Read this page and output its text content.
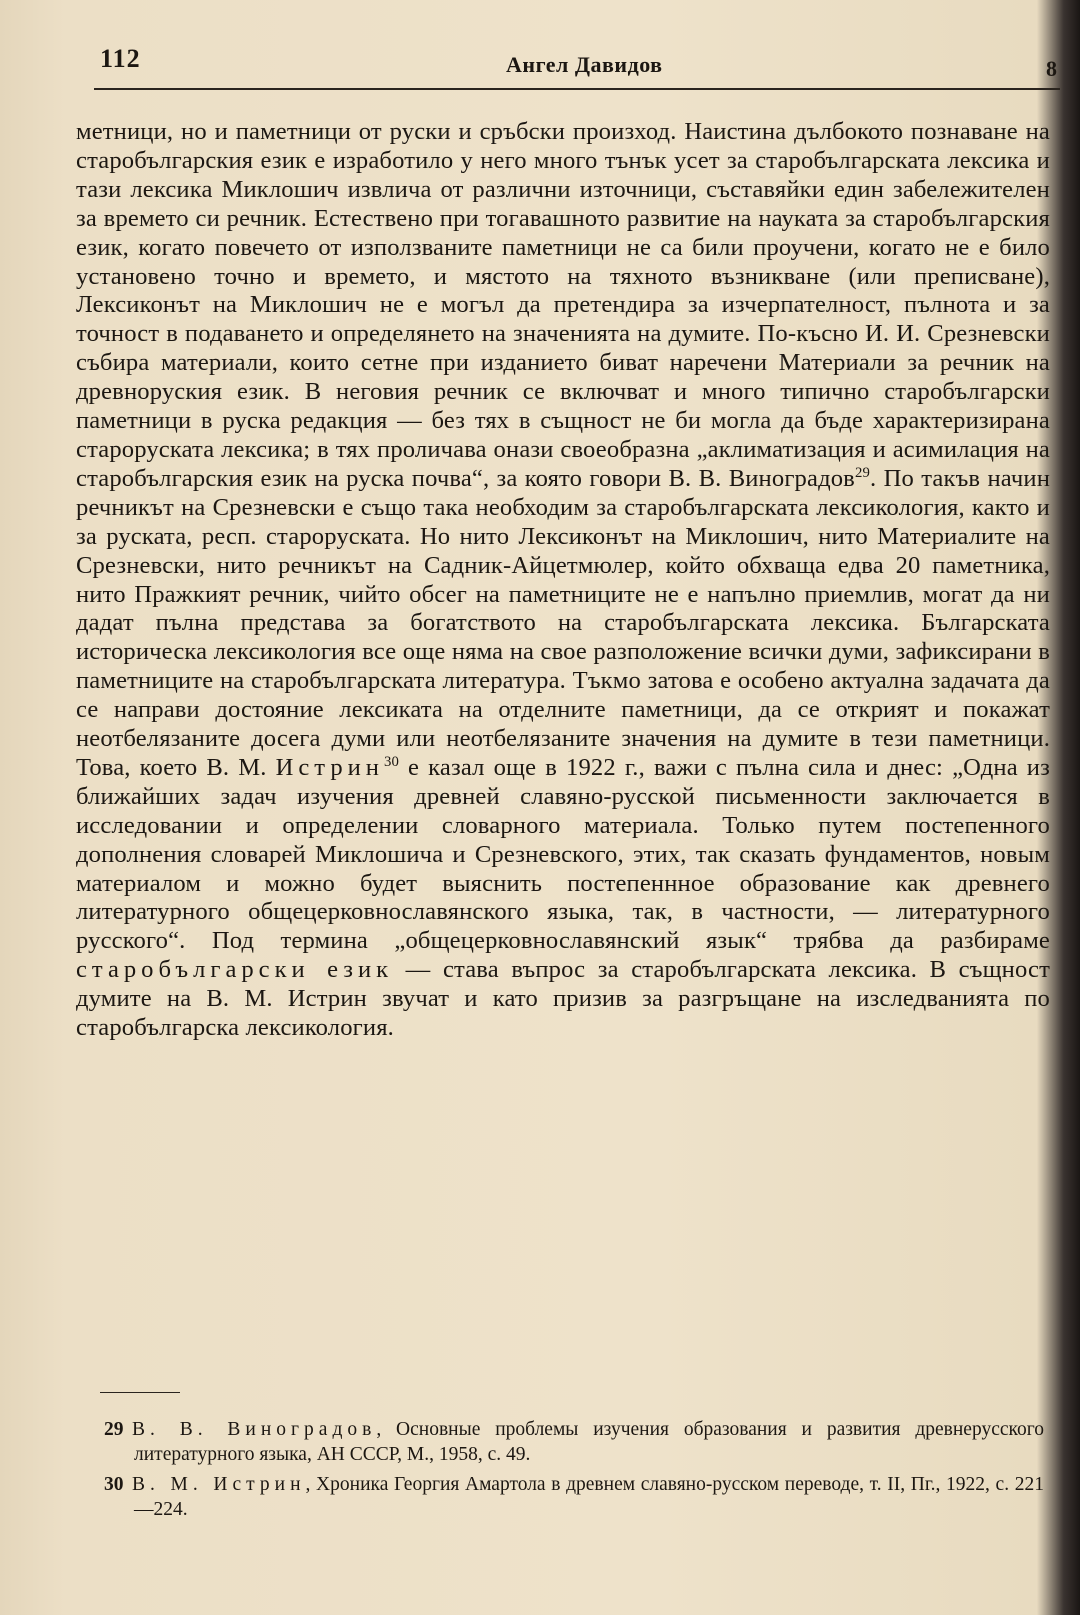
112	Ангел Давидов	8

метници, но и паметници от руски и сръбски произход. Наистина дълбокото познаване на старобългарския език е изработило у него много тънък усет за старобългарската лексика и тази лексика Миклошич извлича от различни източници, съставяйки един забележителен за времето си речник. Естествено при тогавашното развитие на науката за старобългарския език, когато повечето от използваните паметници не са били проучени, когато не е било установено точно и времето, и мястото на тяхното възникване (или преписване), Лексиконът на Миклошич не е могъл да претендира за изчерпателност, пълнота и за точност в подаването и определянето на значенията на думите. По-късно И. И. Срезневски събира материали, които сетне при изданието биват наречени Материали за речник на древноруския език. В неговия речник се включват и много типично старобългарски паметници в руска редакция — без тях в същност не би могла да бъде характеризирана староруската лексика; в тях проличава онази своеобразна „аклиматизация и асимилация на старобългарския език на руска почва“, за която говори В. В. Виноградов$^{29}$. По такъв начин речникът на Срезневски е също така необходим за старобългарската лексикология, както и за руската, респ. староруската. Но нито Лексиконът на Миклошич, нито Материалите на Срезневски, нито речникът на Садник-Айцетмюлер, който обхваща едва 20 паметника, нито Пражкият речник, чийто обсег на паметниците не е напълно приемлив, могат да ни дадат пълна представа за богатството на старобългарската лексика. Българската историческа лексикология все още няма на свое разположение всички думи, зафиксирани в паметниците на старобългарската литература. Тъкмо затова е особено актуална задачата да се направи достояние лексиката на отделните паметници, да се открият и покажат неотбелязаните досега думи или неотбелязаните значения на думите в тези паметници. Това, което В. М. Истрин$^{30}$ е казал още в 1922 г., важи с пълна сила и днес: „Одна из ближайших задач изучения древней славяно-русской письменности заключается в исследовании и определении словарного материала. Только путем постепенного дополнения словарей Миклошича и Срезневского, этих, так сказать фундаментов, новым материалом и можно будет выяснить постепеннное образование как древнего литературного общецерковнославянского языка, так, в частности, — литературного русского“. Под термина „общецерковнославянский язык“ трябва да разбираме старобългарски език — става въпрос за старобългарската лексика. В същност думите на В. М. Истрин звучат и като призив за разгръщане на изследванията по старобългарска лексикология.

29 В. В. Виноградов, Основные проблемы изучения образования и развития древнерусского литературного языка, АН СССР, М., 1958, с. 49.

30 В. М. Истрин, Хроника Георгия Амартола в древнем славяно-русском переводе, т. II, Пг., 1922, с. 221—224.
